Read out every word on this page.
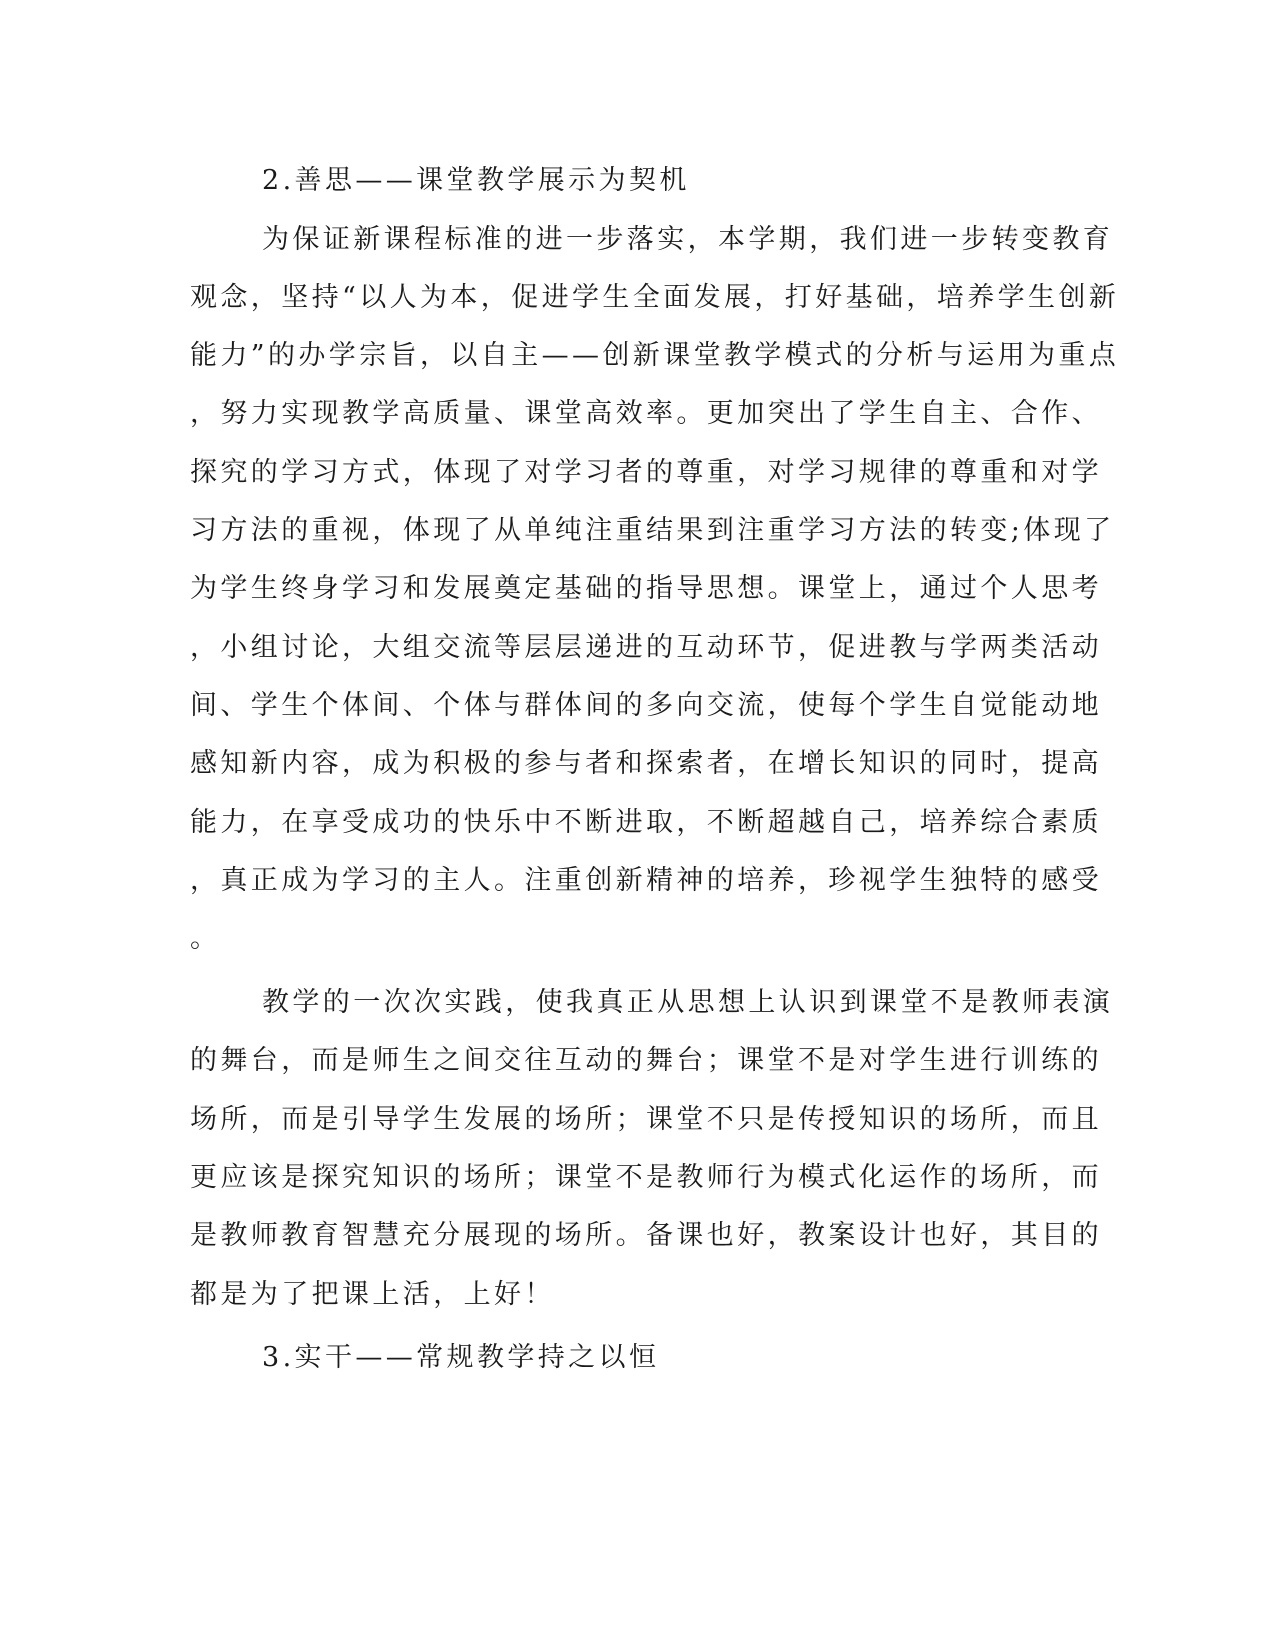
2.善思——课堂教学展示为契机
为保证新课程标准的进一步落实，本学期，我们进一步转变教育
观念，坚持“以人为本，促进学生全面发展，打好基础，培养学生创新
能力”的办学宗旨，以自主——创新课堂教学模式的分析与运用为重点
，努力实现教学高质量、课堂高效率。更加突出了学生自主、合作、
探究的学习方式，体现了对学习者的尊重，对学习规律的尊重和对学
习方法的重视，体现了从单纯注重结果到注重学习方法的转变;体现了
为学生终身学习和发展奠定基础的指导思想。课堂上，通过个人思考
，小组讨论，大组交流等层层递进的互动环节，促进教与学两类活动
间、学生个体间、个体与群体间的多向交流，使每个学生自觉能动地
感知新内容，成为积极的参与者和探索者，在增长知识的同时，提高
能力，在享受成功的快乐中不断进取，不断超越自己，培养综合素质
，真正成为学习的主人。注重创新精神的培养，珍视学生独特的感受
。
教学的一次次实践，使我真正从思想上认识到课堂不是教师表演
的舞台，而是师生之间交往互动的舞台；课堂不是对学生进行训练的
场所，而是引导学生发展的场所；课堂不只是传授知识的场所，而且
更应该是探究知识的场所；课堂不是教师行为模式化运作的场所，而
是教师教育智慧充分展现的场所。备课也好，教案设计也好，其目的
都是为了把课上活，上好！
3.实干——常规教学持之以恒
